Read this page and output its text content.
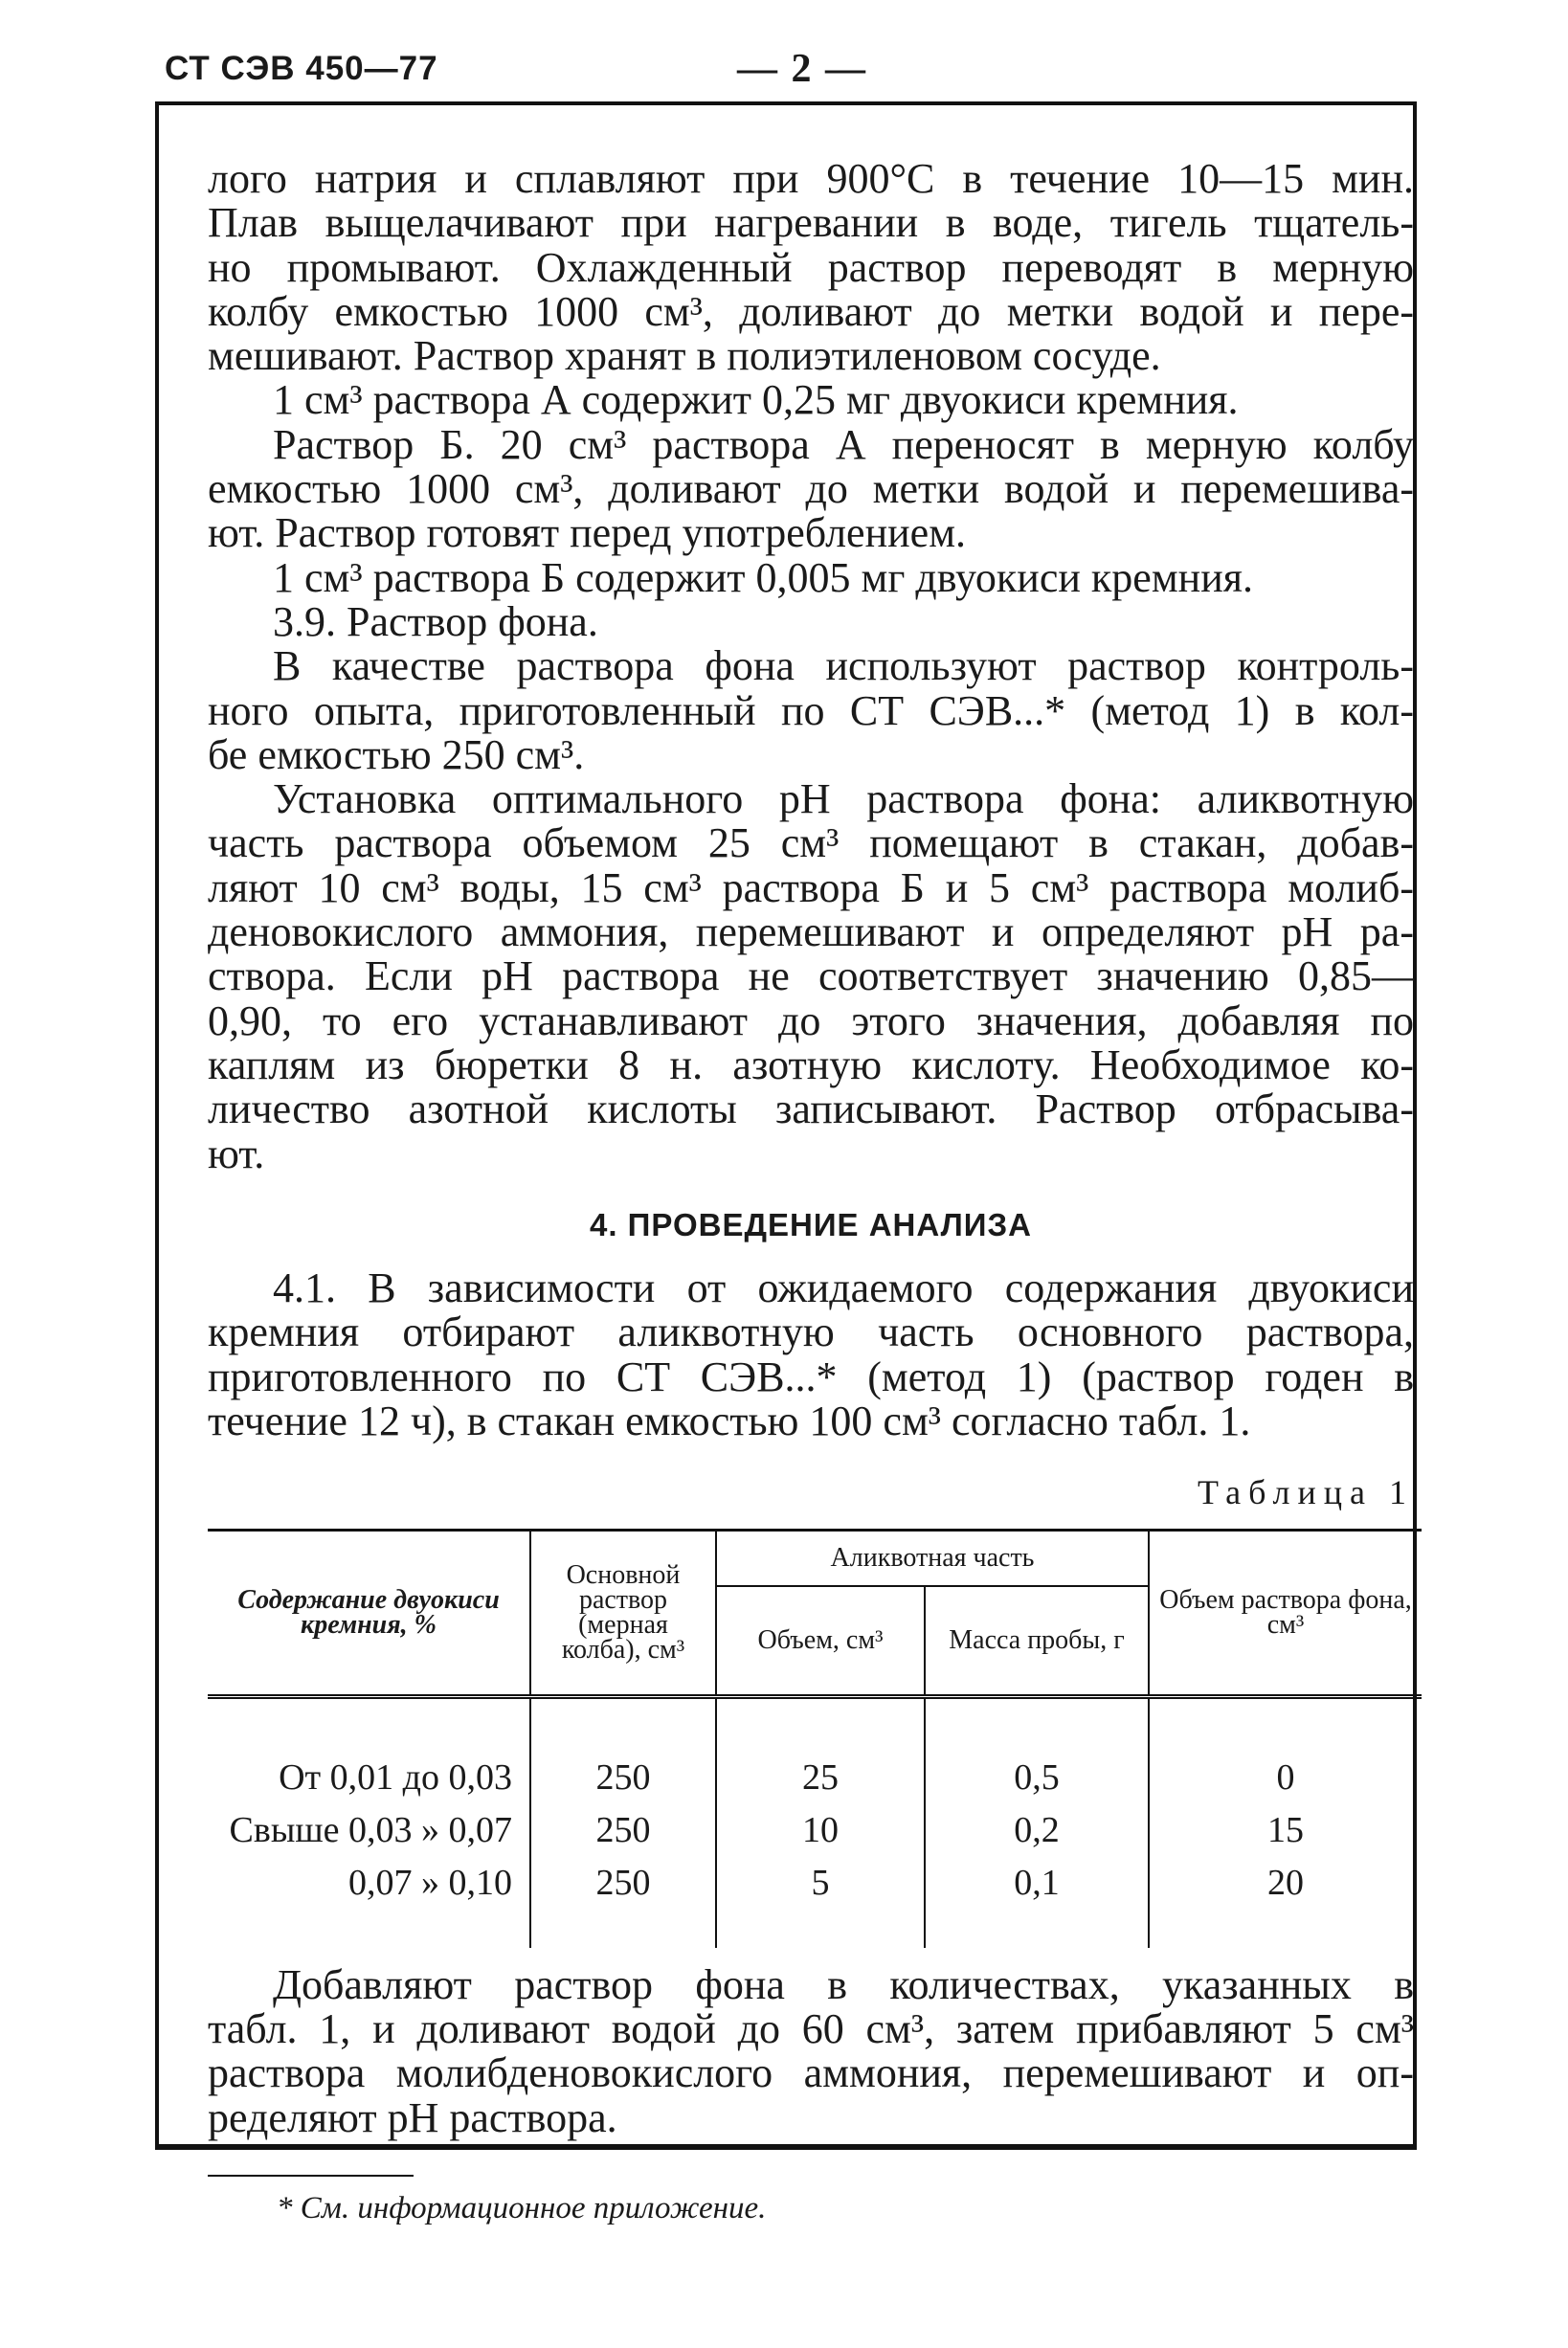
СТ СЭВ 450—77	— 2 —
лого натрия и сплавляют при 900°C в течение 10—15 мин.
Плав выщелачивают при нагревании в воде, тигель тщатель-
но промывают. Охлажденный раствор переводят в мерную
колбу емкостью 1000 см³, доливают до метки водой и пере-
мешивают. Раствор хранят в полиэтиленовом сосуде.
1 см³ раствора А содержит 0,25 мг двуокиси кремния.
Раствор Б. 20 см³ раствора А переносят в мерную колбу
емкостью 1000 см³, доливают до метки водой и перемешива-
ют. Раствор готовят перед употреблением.
1 см³ раствора Б содержит 0,005 мг двуокиси кремния.
3.9. Раствор фона.
В качестве раствора фона используют раствор контроль-
ного опыта, приготовленный по СТ СЭВ...* (метод 1) в кол-
бе емкостью 250 см³.
Установка оптимального pH раствора фона: аликвотную
часть раствора объемом 25 см³ помещают в стакан, добав-
ляют 10 см³ воды, 15 см³ раствора Б и 5 см³ раствора молиб-
деновокислого аммония, перемешивают и определяют pH ра-
створа. Если pH раствора не соответствует значению 0,85—
0,90, то его устанавливают до этого значения, добавляя по
каплям из бюретки 8 н. азотную кислоту. Необходимое ко-
личество азотной кислоты записывают. Раствор отбрасыва-
ют.
4. ПРОВЕДЕНИЕ АНАЛИЗА
4.1. В зависимости от ожидаемого содержания двуокиси
кремния отбирают аликвотную часть основного раствора,
приготовленного по СТ СЭВ...* (метод 1) (раствор годен в
течение 12 ч), в стакан емкостью 100 см³ согласно табл. 1.
Таблица 1
Содержание двуокиси кремния, %	Основной раствор (мерная колба), см³	Аликвотная часть		Объем раствора фона, см³
		Объем, см³	Масса пробы, г	

От 0,01 до 0,03	250	25	0,5	0
Свыше 0,03 » 0,07	250	10	0,2	15
0,07 » 0,10	250	5	0,1	20

Добавляют раствор фона в количествах, указанных в
табл. 1, и доливают водой до 60 см³, затем прибавляют 5 см³
раствора молибденовокислого аммония, перемешивают и оп-
ределяют pH раствора.
* См. информационное приложение.
